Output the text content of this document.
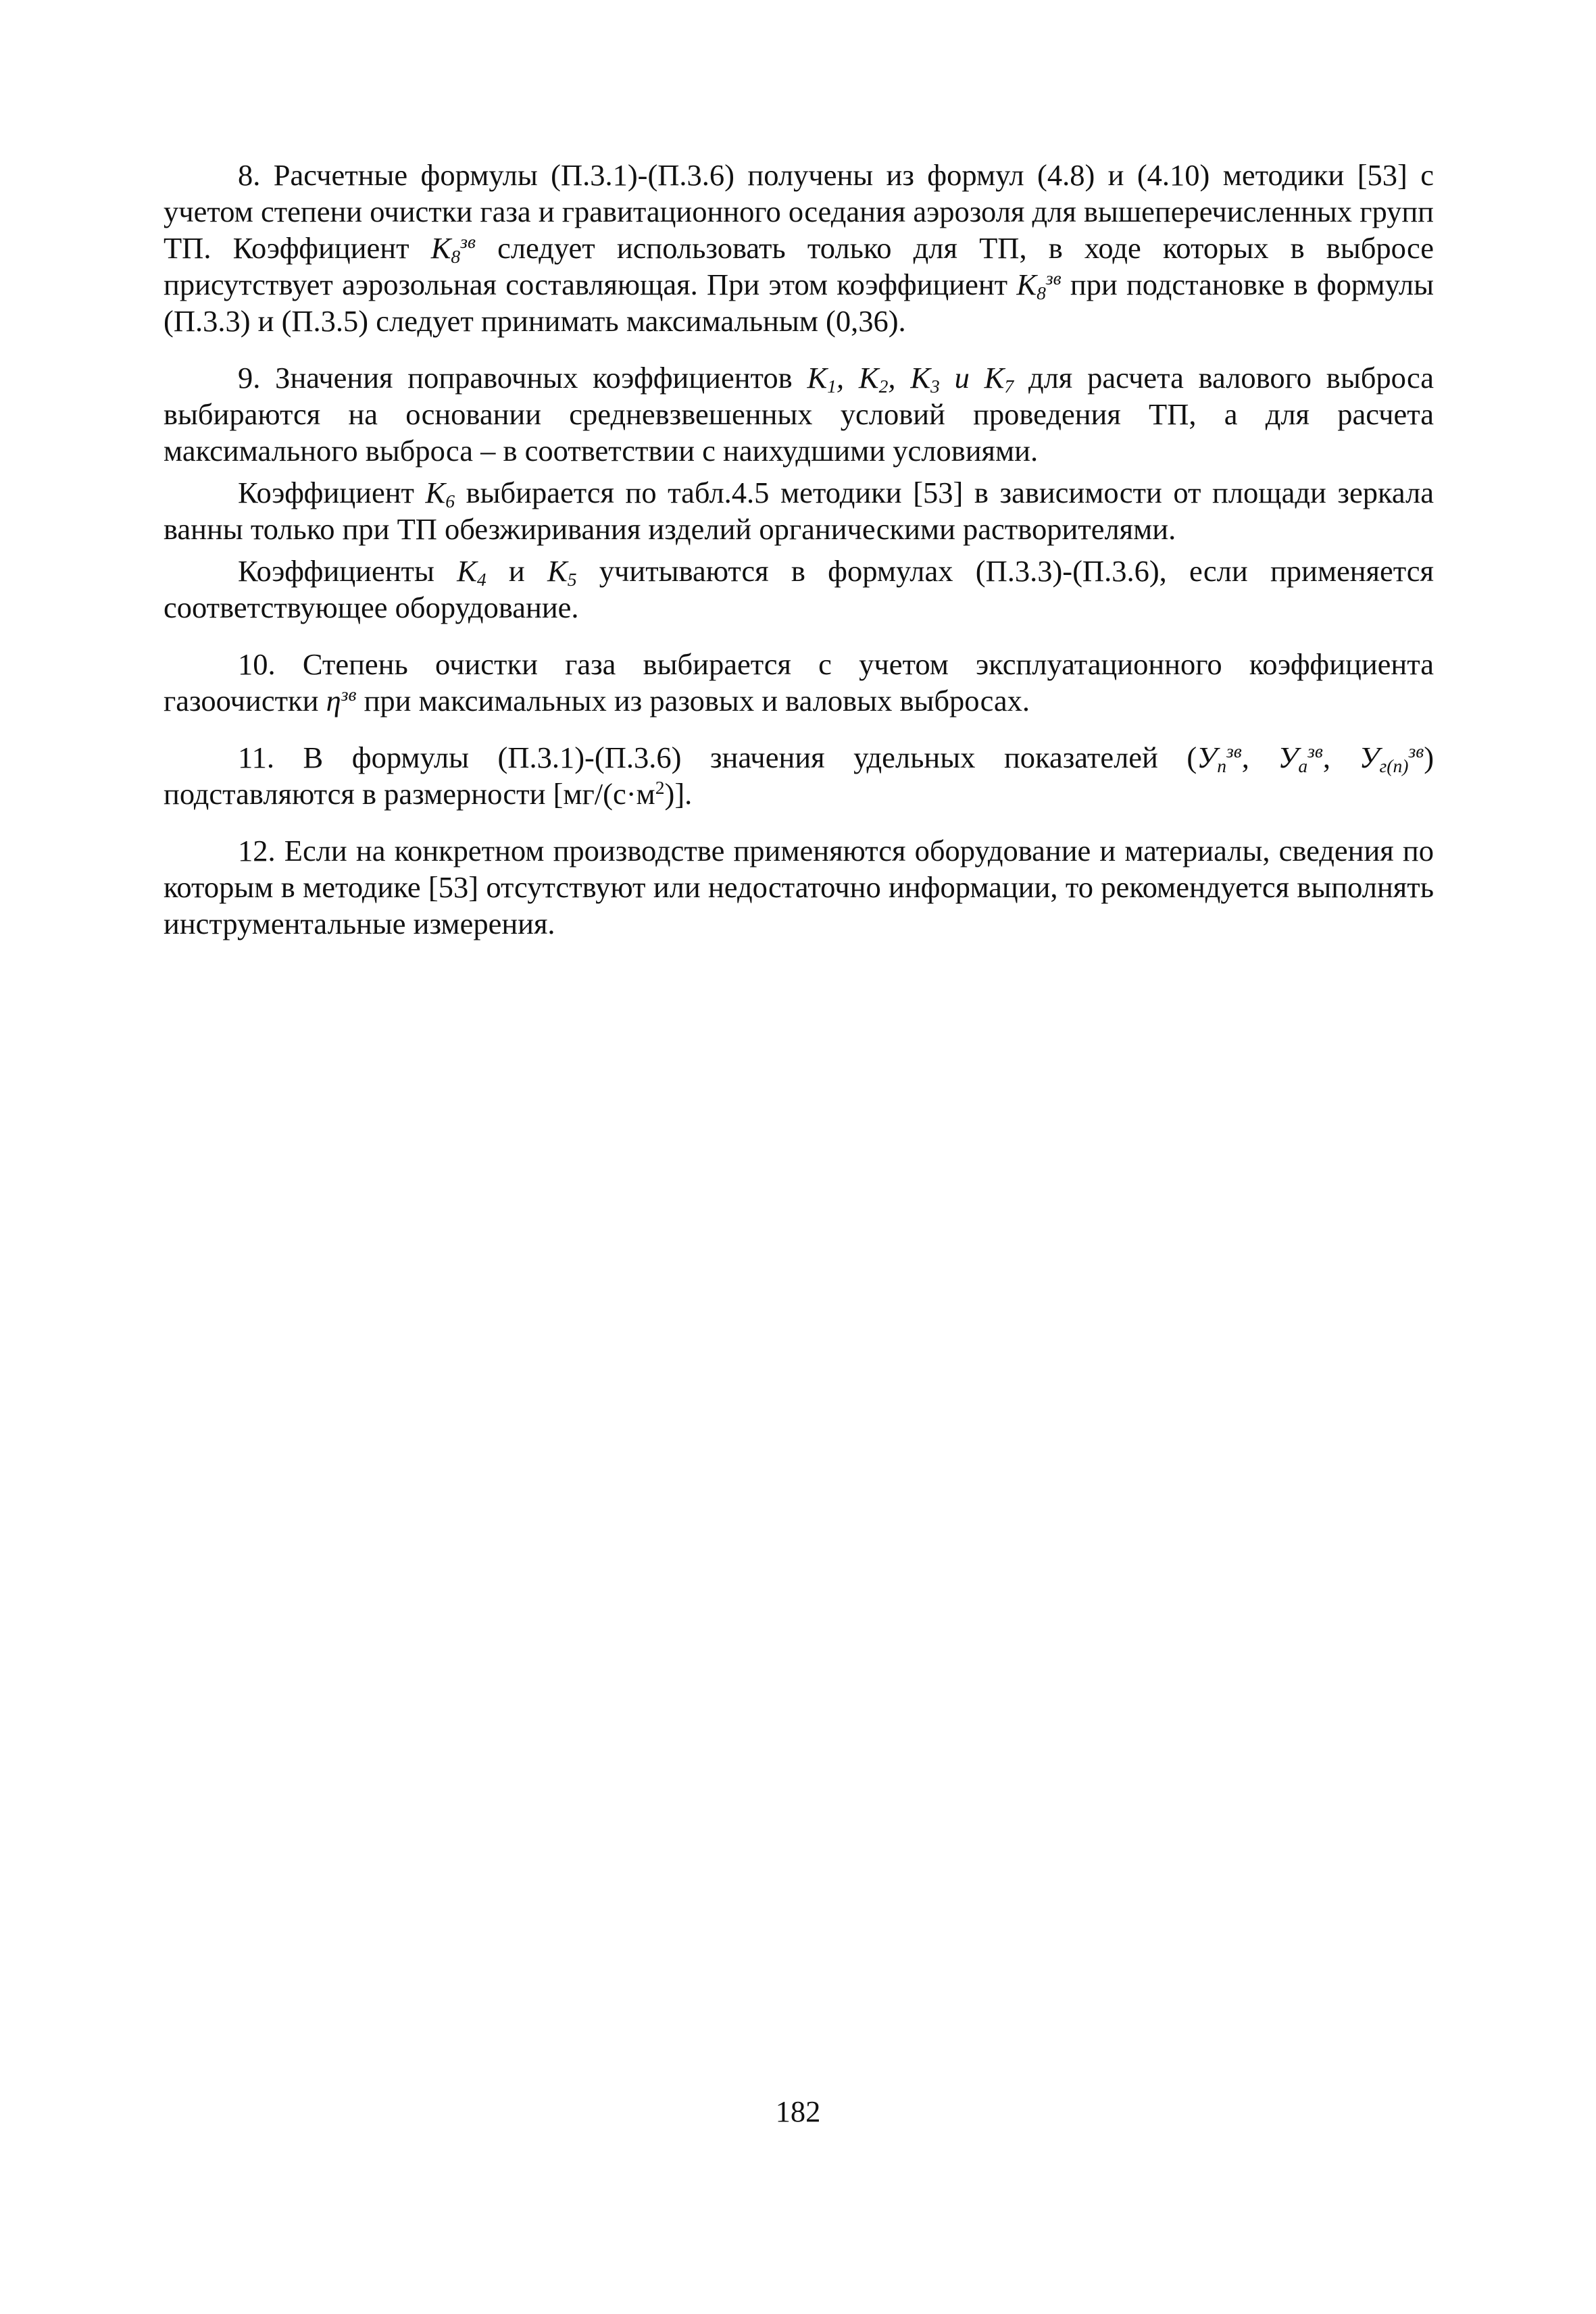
8. Расчетные формулы (П.3.1)-(П.3.6) получены из формул (4.8) и (4.10) методики [53] с учетом степени очистки газа и гравитационного оседания аэрозоля для вышеперечисленных групп ТП. Коэффициент $K_8^{зв}$ следует использовать только для ТП, в ходе которых в выбросе присутствует аэрозольная составляющая. При этом коэффициент $K_8^{зв}$ при подстановке в формулы (П.3.3) и (П.3.5) следует принимать максимальным (0,36).

9. Значения поправочных коэффициентов $K_1$, $K_2$, $K_3$ и $K_7$ для расчета валового выброса выбираются на основании средневзвешенных условий проведения ТП, а для расчета максимального выброса – в соответствии с наихудшими условиями.

Коэффициент $K_6$ выбирается по табл.4.5 методики [53] в зависимости от площади зеркала ванны только при ТП обезжиривания изделий органическими растворителями.

Коэффициенты $K_4$ и $K_5$ учитываются в формулах (П.3.3)-(П.3.6), если применяется соответствующее оборудование.

10. Степень очистки газа выбирается с учетом эксплуатационного коэффициента газоочистки $\eta^{зв}$ при максимальных из разовых и валовых выбросах.

11. В формулы (П.3.1)-(П.3.6) значения удельных показателей ($У_п^{зв}$, $У_а^{зв}$, $У_{г(п)}^{зв}$) подставляются в размерности $[мг/(с\cdot м^2)]$.

12. Если на конкретном производстве применяются оборудование и материалы, сведения по которым в методике [53] отсутствуют или недостаточно информации, то рекомендуется выполнять инструментальные измерения.

182
